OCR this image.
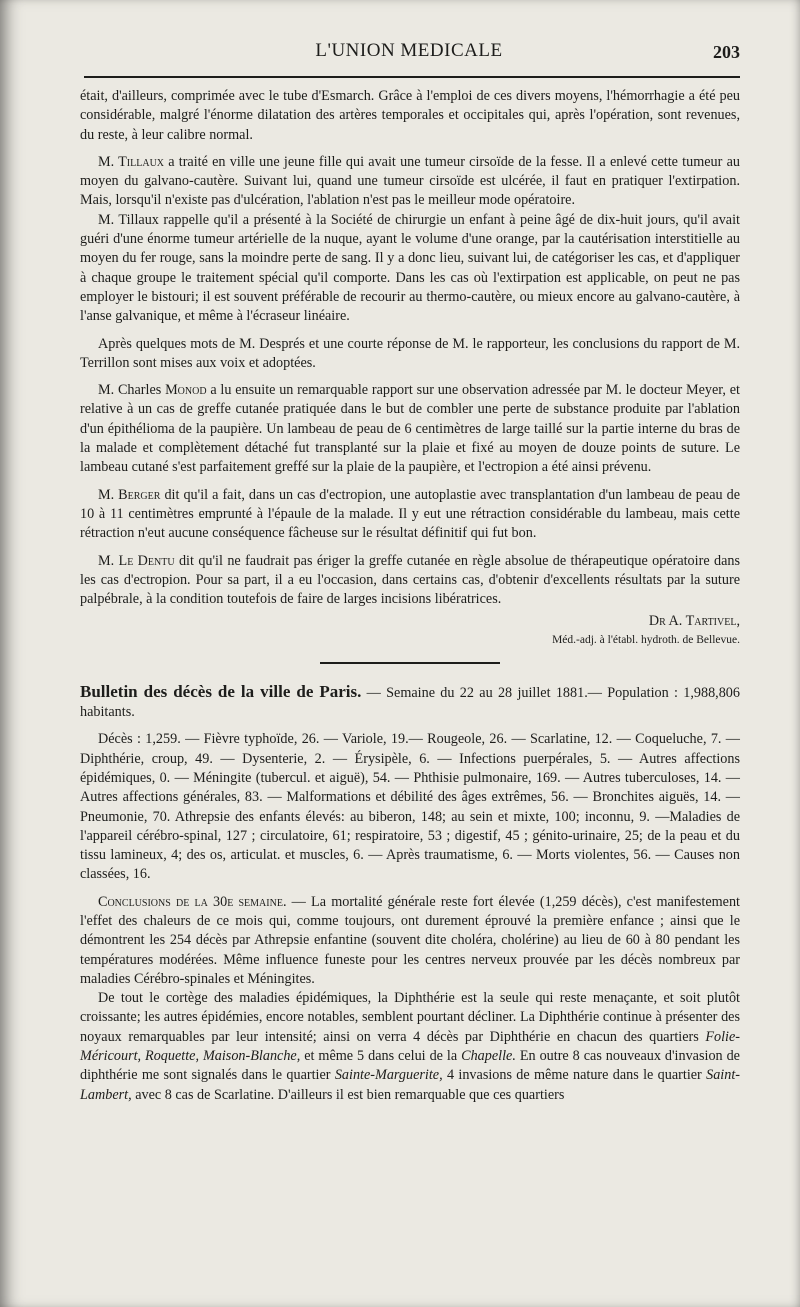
L'UNION MEDICALE	203

était, d'ailleurs, comprimée avec le tube d'Esmarch. Grâce à l'emploi de ces divers moyens, l'hémorrhagie a été peu considérable, malgré l'énorme dilatation des artères temporales et occipitales qui, après l'opération, sont revenues, du reste, à leur calibre normal.

M. Tillaux a traité en ville une jeune fille qui avait une tumeur cirsoïde de la fesse. Il a enlevé cette tumeur au moyen du galvano-cautère. Suivant lui, quand une tumeur cirsoïde est ulcérée, il faut en pratiquer l'extirpation. Mais, lorsqu'il n'existe pas d'ulcération, l'ablation n'est pas le meilleur mode opératoire.

M. Tillaux rappelle qu'il a présenté à la Société de chirurgie un enfant à peine âgé de dix-huit jours, qu'il avait guéri d'une énorme tumeur artérielle de la nuque, ayant le volume d'une orange, par la cautérisation interstitielle au moyen du fer rouge, sans la moindre perte de sang. Il y a donc lieu, suivant lui, de catégoriser les cas, et d'appliquer à chaque groupe le traitement spécial qu'il comporte. Dans les cas où l'extirpation est applicable, on peut ne pas employer le bistouri; il est souvent préférable de recourir au thermo-cautère, ou mieux encore au galvano-cautère, à l'anse galvanique, et même à l'écraseur linéaire.

Après quelques mots de M. Després et une courte réponse de M. le rapporteur, les conclusions du rapport de M. Terrillon sont mises aux voix et adoptées.

M. Charles Monod a lu ensuite un remarquable rapport sur une observation adressée par M. le docteur Meyer, et relative à un cas de greffe cutanée pratiquée dans le but de combler une perte de substance produite par l'ablation d'un épithélioma de la paupière. Un lambeau de peau de 6 centimètres de large taillé sur la partie interne du bras de la malade et complètement détaché fut transplanté sur la plaie et fixé au moyen de douze points de suture. Le lambeau cutané s'est parfaitement greffé sur la plaie de la paupière, et l'ectropion a été ainsi prévenu.

M. Berger dit qu'il a fait, dans un cas d'ectropion, une autoplastie avec transplantation d'un lambeau de peau de 10 à 11 centimètres emprunté à l'épaule de la malade. Il y eut une rétraction considérable du lambeau, mais cette rétraction n'eut aucune conséquence fâcheuse sur le résultat définitif qui fut bon.

M. Le Dentu dit qu'il ne faudrait pas ériger la greffe cutanée en règle absolue de thérapeutique opératoire dans les cas d'ectropion. Pour sa part, il a eu l'occasion, dans certains cas, d'obtenir d'excellents résultats par la suture palpébrale, à la condition toutefois de faire de larges incisions libératrices.

Dr A. Tartivel,
Méd.-adj. à l'établ. hydroth. de Bellevue.

Bulletin des décès de la ville de Paris. — Semaine du 22 au 28 juillet 1881.— Population : 1,988,806 habitants.

Décès : 1,259. — Fièvre typhoïde, 26. — Variole, 19.— Rougeole, 26. — Scarlatine, 12. — Coqueluche, 7. — Diphthérie, croup, 49. — Dysenterie, 2. — Érysipèle, 6. — Infections puerpérales, 5. — Autres affections épidémiques, 0. — Méningite (tubercul. et aiguë), 54. — Phthisie pulmonaire, 169. — Autres tuberculoses, 14. — Autres affections générales, 83. — Malformations et débilité des âges extrêmes, 56. — Bronchites aiguës, 14. — Pneumonie, 70. Athrepsie des enfants élevés: au biberon, 148; au sein et mixte, 100; inconnu, 9. —Maladies de l'appareil cérébro-spinal, 127 ; circulatoire, 61; respiratoire, 53 ; digestif, 45 ; génito-urinaire, 25; de la peau et du tissu lamineux, 4; des os, articulat. et muscles, 6. — Après traumatisme, 6. — Morts violentes, 56. — Causes non classées, 16.

Conclusions de la 30e semaine. — La mortalité générale reste fort élevée (1,259 décès), c'est manifestement l'effet des chaleurs de ce mois qui, comme toujours, ont durement éprouvé la première enfance ; ainsi que le démontrent les 254 décès par Athrepsie enfantine (souvent dite choléra, cholérine) au lieu de 60 à 80 pendant les températures modérées. Même influence funeste pour les centres nerveux prouvée par les décès nombreux par maladies Cérébro-spinales et Méningites.

De tout le cortège des maladies épidémiques, la Diphthérie est la seule qui reste menaçante, et soit plutôt croissante; les autres épidémies, encore notables, semblent pourtant décliner. La Diphthérie continue à présenter des noyaux remarquables par leur intensité; ainsi on verra 4 décès par Diphthérie en chacun des quartiers Folie-Méricourt, Roquette, Maison-Blanche, et même 5 dans celui de la Chapelle. En outre 8 cas nouveaux d'invasion de diphthérie me sont signalés dans le quartier Sainte-Marguerite, 4 invasions de même nature dans le quartier Saint-Lambert, avec 8 cas de Scarlatine. D'ailleurs il est bien remarquable que ces quartiers
